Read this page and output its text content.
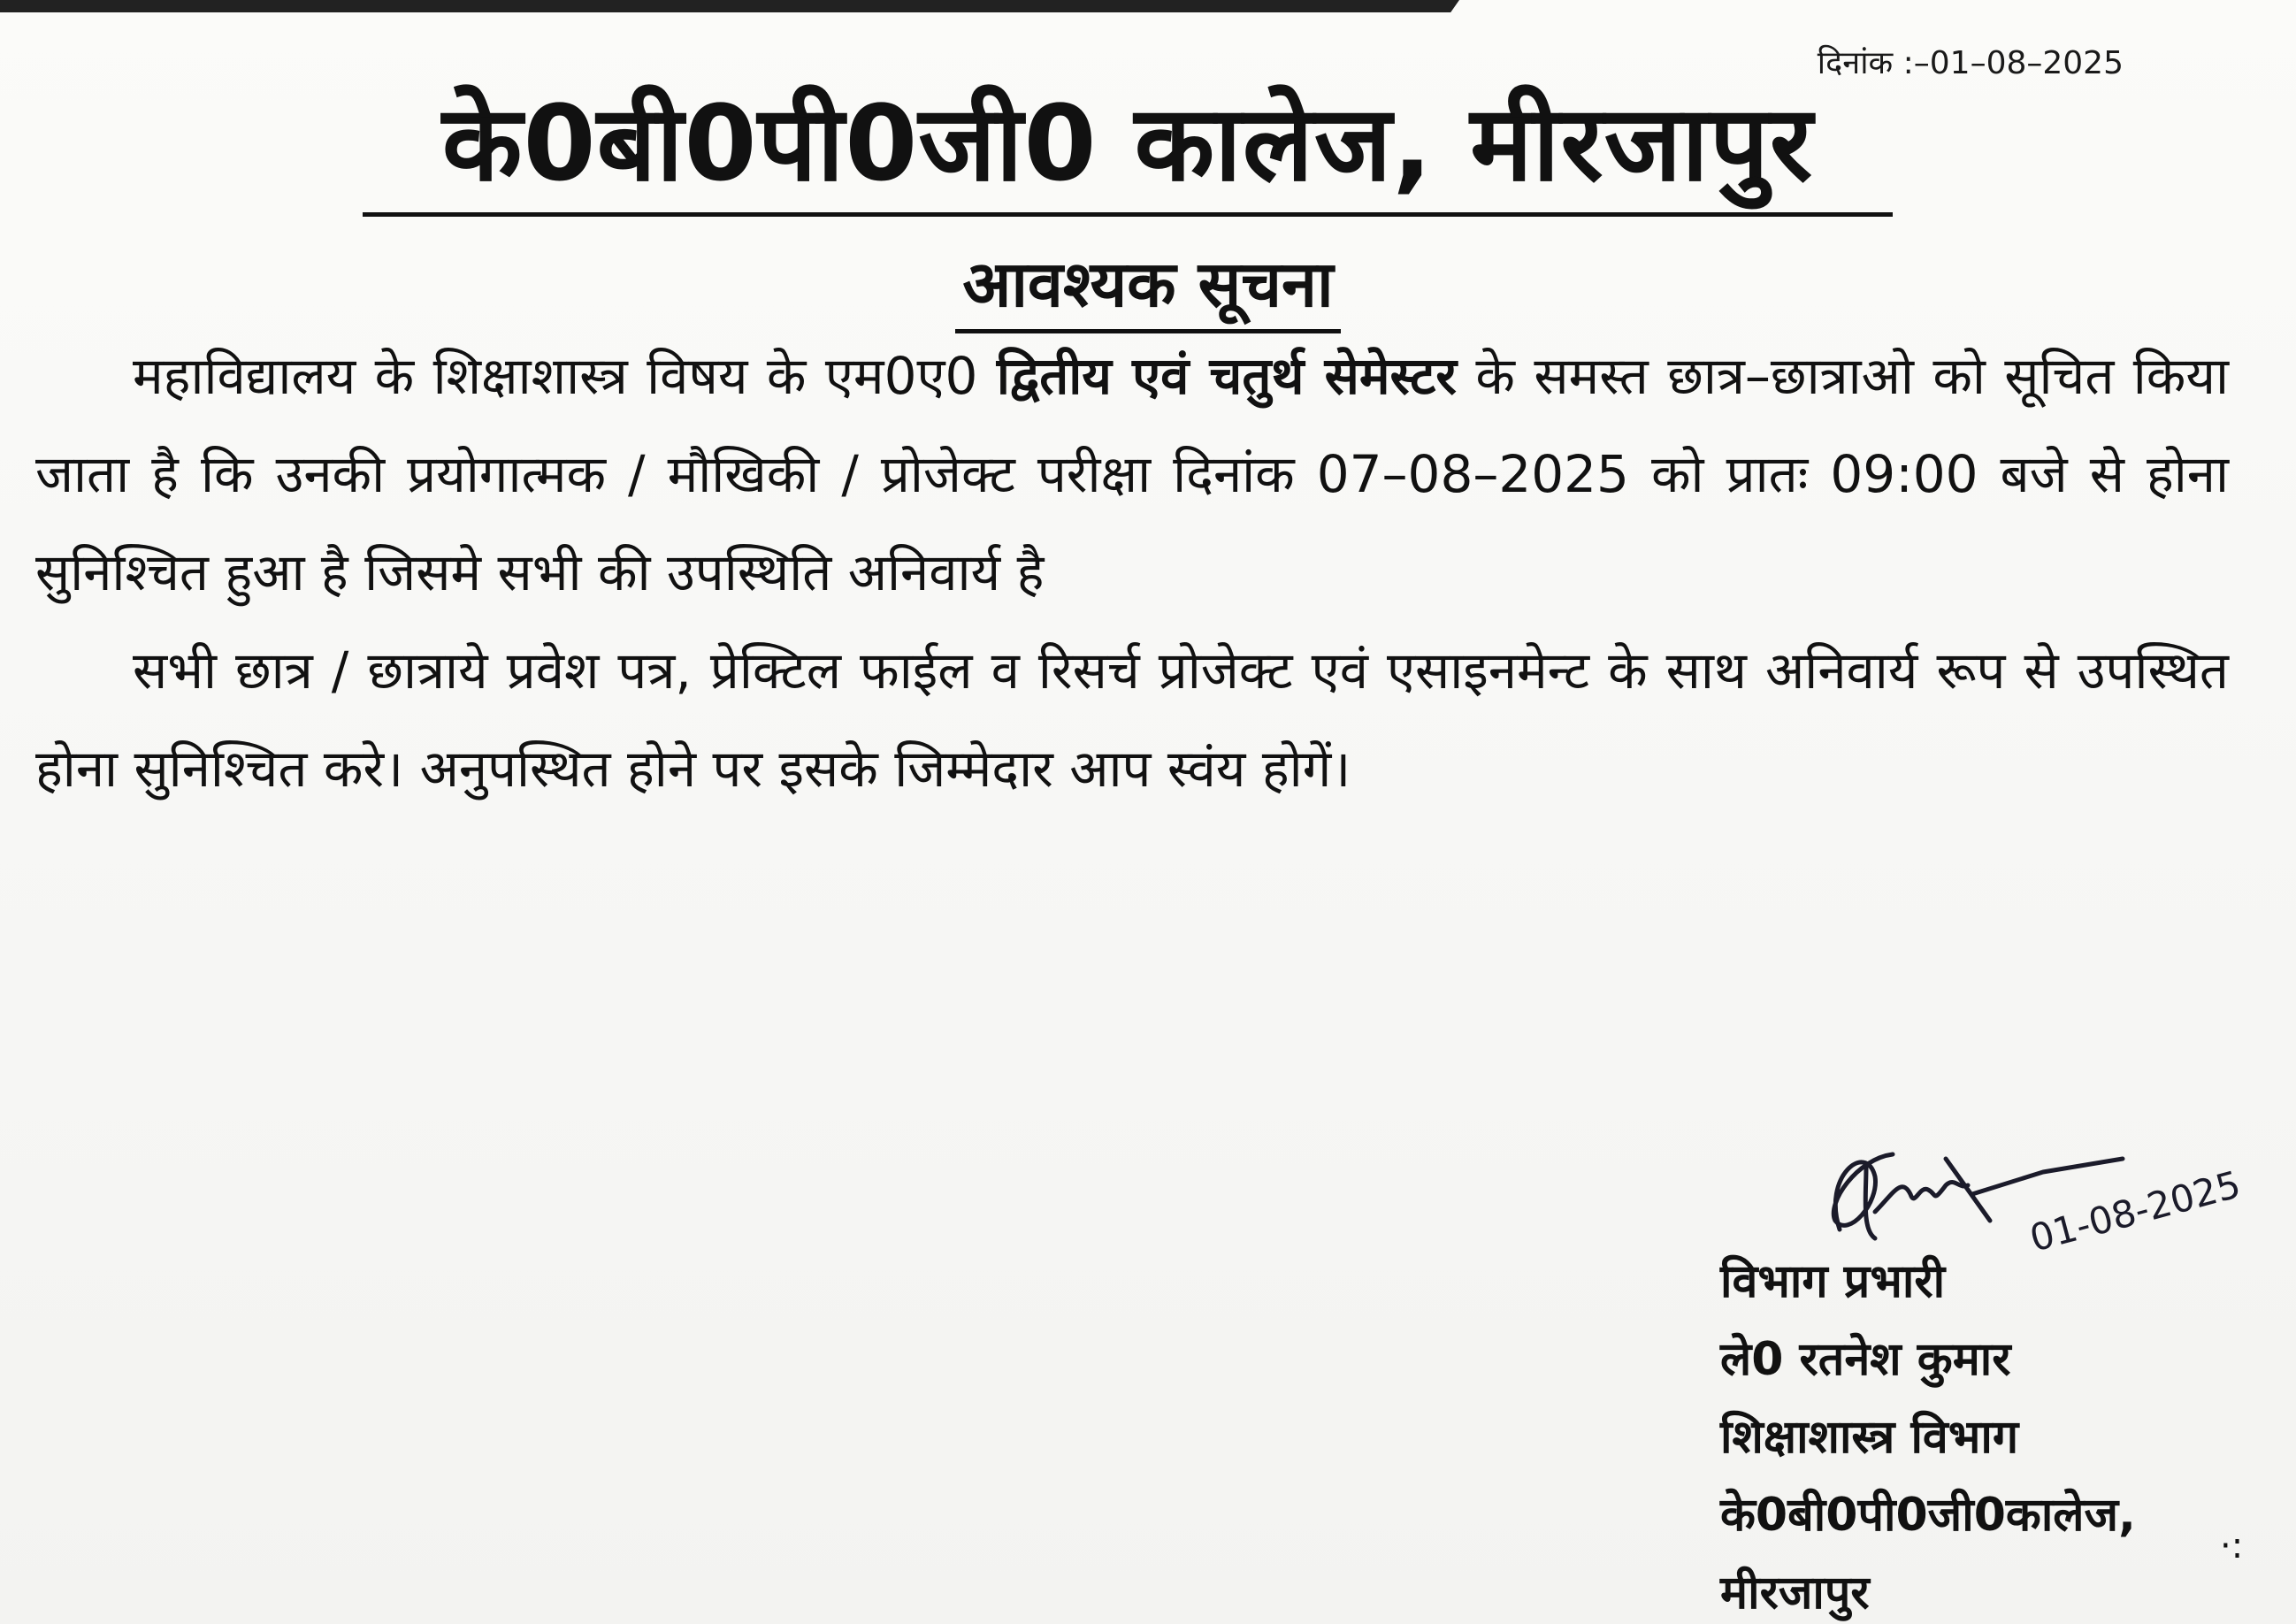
दिनांक :–01–08–2025
के0बी0पी0जी0 कालेज, मीरजापुर
आवश्यक सूचना

महाविद्यालय के शिक्षाशास्त्र विषय के एम0ए0 द्वितीय एवं चतुर्थ सेमेस्टर के समस्त छात्र–छात्राओ को सूचित किया जाता है कि उनकी प्रयोगात्मक / मौखिकी / प्रोजेक्ट परीक्षा दिनांक 07–08–2025 को प्रातः 09:00 बजे से होना सुनिश्चित हुआ है जिसमे सभी की उपस्थिति अनिवार्य है

सभी छात्र / छात्राये प्रवेश पत्र, प्रेक्टिल फाईल व रिसर्च प्रोजेक्ट एवं एसाइनमेन्ट के साथ अनिवार्य रूप से उपस्थित होना सुनिश्चित करे। अनुपस्थित होने पर इसके जिम्मेदार आप स्वंय होगें।

01-08-2025
विभाग प्रभारी
ले0 रतनेश कुमार
शिक्षाशास्त्र विभाग
के0बी0पी0जी0कालेज,
मीरजापुर
·:
